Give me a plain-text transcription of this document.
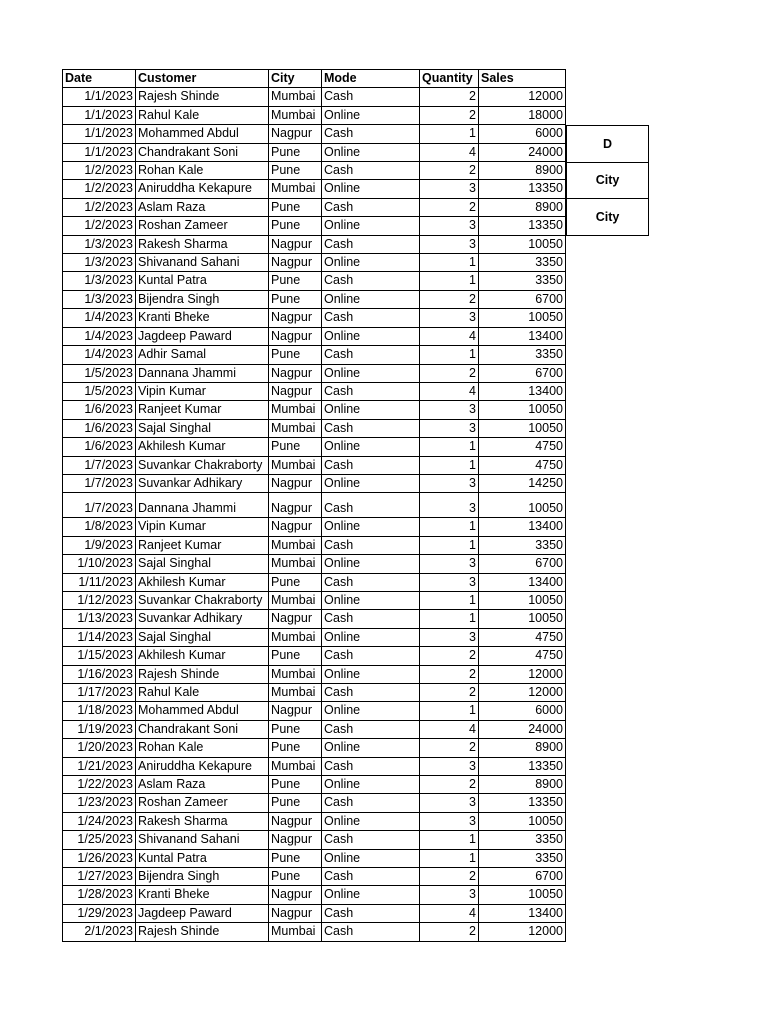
Date	Customer	City	Mode	Quantity	Sales
1/1/2023	Rajesh Shinde	Mumbai	Cash	2	12000
1/1/2023	Rahul Kale	Mumbai	Online	2	18000
1/1/2023	Mohammed Abdul	Nagpur	Cash	1	6000
1/1/2023	Chandrakant Soni	Pune	Online	4	24000
1/2/2023	Rohan Kale	Pune	Cash	2	8900
1/2/2023	Aniruddha Kekapure	Mumbai	Online	3	13350
1/2/2023	Aslam Raza	Pune	Cash	2	8900
1/2/2023	Roshan Zameer	Pune	Online	3	13350
1/3/2023	Rakesh Sharma	Nagpur	Cash	3	10050
1/3/2023	Shivanand Sahani	Nagpur	Online	1	3350
1/3/2023	Kuntal Patra	Pune	Cash	1	3350
1/3/2023	Bijendra Singh	Pune	Online	2	6700
1/4/2023	Kranti Bheke	Nagpur	Cash	3	10050
1/4/2023	Jagdeep Paward	Nagpur	Online	4	13400
1/4/2023	Adhir Samal	Pune	Cash	1	3350
1/5/2023	Dannana Jhammi	Nagpur	Online	2	6700
1/5/2023	Vipin Kumar	Nagpur	Cash	4	13400
1/6/2023	Ranjeet Kumar	Mumbai	Online	3	10050
1/6/2023	Sajal Singhal	Mumbai	Cash	3	10050
1/6/2023	Akhilesh Kumar	Pune	Online	1	4750
1/7/2023	Suvankar Chakraborty	Mumbai	Cash	1	4750
1/7/2023	Suvankar Adhikary	Nagpur	Online	3	14250
1/7/2023	Dannana Jhammi	Nagpur	Cash	3	10050
1/8/2023	Vipin Kumar	Nagpur	Online	1	13400
1/9/2023	Ranjeet Kumar	Mumbai	Cash	1	3350
1/10/2023	Sajal Singhal	Mumbai	Online	3	6700
1/11/2023	Akhilesh Kumar	Pune	Cash	3	13400
1/12/2023	Suvankar Chakraborty	Mumbai	Online	1	10050
1/13/2023	Suvankar Adhikary	Nagpur	Cash	1	10050
1/14/2023	Sajal Singhal	Mumbai	Online	3	4750
1/15/2023	Akhilesh Kumar	Pune	Cash	2	4750
1/16/2023	Rajesh Shinde	Mumbai	Online	2	12000
1/17/2023	Rahul Kale	Mumbai	Cash	2	12000
1/18/2023	Mohammed Abdul	Nagpur	Online	1	6000
1/19/2023	Chandrakant Soni	Pune	Cash	4	24000
1/20/2023	Rohan Kale	Pune	Online	2	8900
1/21/2023	Aniruddha Kekapure	Mumbai	Cash	3	13350
1/22/2023	Aslam Raza	Pune	Online	2	8900
1/23/2023	Roshan Zameer	Pune	Cash	3	13350
1/24/2023	Rakesh Sharma	Nagpur	Online	3	10050
1/25/2023	Shivanand Sahani	Nagpur	Cash	1	3350
1/26/2023	Kuntal Patra	Pune	Online	1	3350
1/27/2023	Bijendra Singh	Pune	Cash	2	6700
1/28/2023	Kranti Bheke	Nagpur	Online	3	10050
1/29/2023	Jagdeep Paward	Nagpur	Cash	4	13400
2/1/2023	Rajesh Shinde	Mumbai	Cash	2	12000
D
City
City
